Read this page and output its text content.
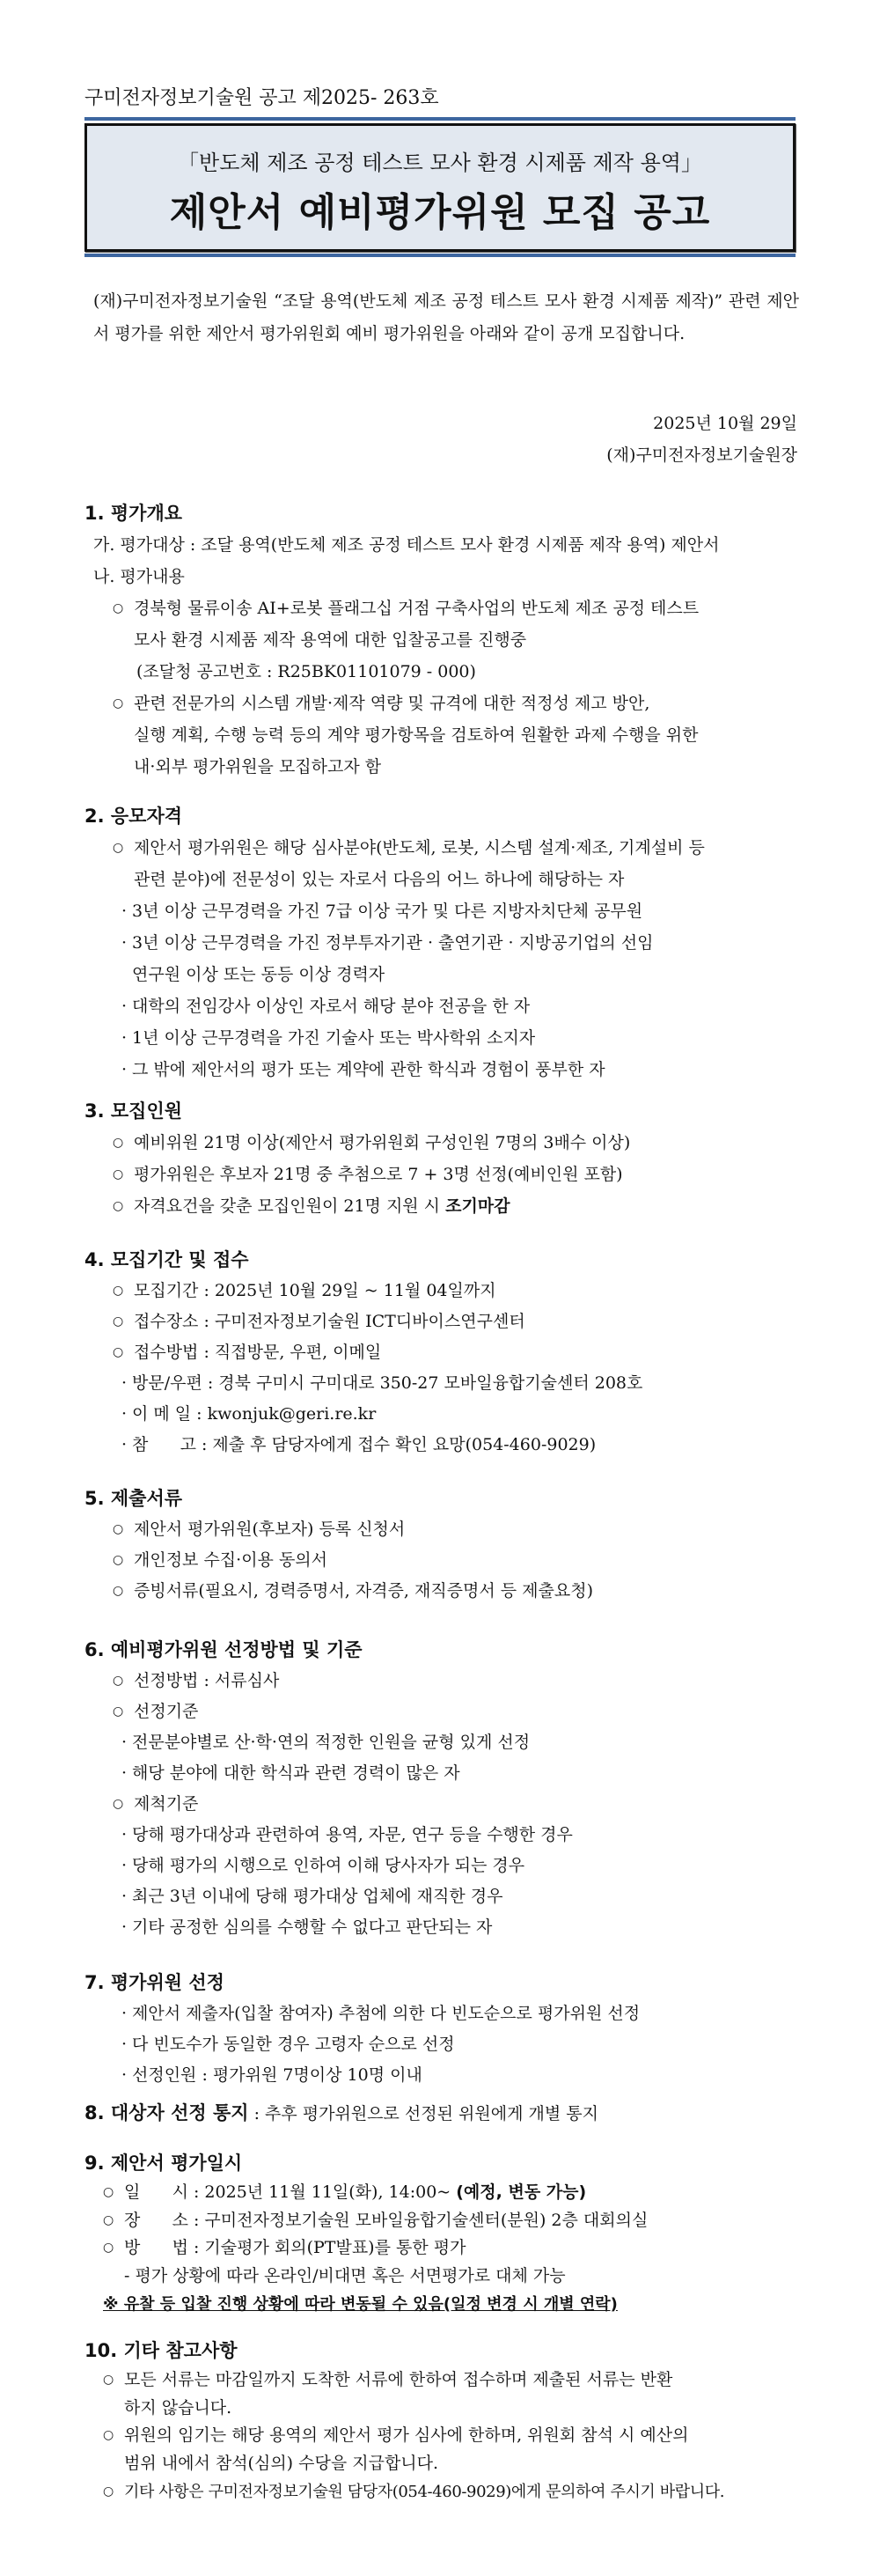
구미전자정보기술원 공고 제2025- 263호
「반도체 제조 공정 테스트 모사 환경 시제품 제작 용역」
제안서 예비평가위원 모집 공고
(재)구미전자정보기술원 “조달 용역(반도체 제조 공정 테스트 모사 환경 시제품 제작)” 관련 제안서 평가를 위한 제안서 평가위원회 예비 평가위원을 아래와 같이 공개 모집합니다.
2025년 10월 29일
(재)구미전자정보기술원장
1. 평가개요
가. 평가대상 : 조달 용역(반도체 제조 공정 테스트 모사 환경 시제품 제작 용역) 제안서
나. 평가내용
○ 경북형 물류이송 AI+로봇 플래그십 거점 구축사업의 반도체 제조 공정 테스트
모사 환경 시제품 제작 용역에 대한 입찰공고를 진행중
(조달청 공고번호 : R25BK01101079 - 000)
○ 관련 전문가의 시스템 개발·제작 역량 및 규격에 대한 적정성 제고 방안,
실행 계획, 수행 능력 등의 계약 평가항목을 검토하여 원활한 과제 수행을 위한
내·외부 평가위원을 모집하고자 함
2. 응모자격
○ 제안서 평가위원은 해당 심사분야(반도체, 로봇, 시스템 설계·제조, 기계설비 등
관련 분야)에 전문성이 있는 자로서 다음의 어느 하나에 해당하는 자
· 3년 이상 근무경력을 가진 7급 이상 국가 및 다른 지방자치단체 공무원
· 3년 이상 근무경력을 가진 정부투자기관 · 출연기관 · 지방공기업의 선임
연구원 이상 또는 동등 이상 경력자
· 대학의 전임강사 이상인 자로서 해당 분야 전공을 한 자
· 1년 이상 근무경력을 가진 기술사 또는 박사학위 소지자
· 그 밖에 제안서의 평가 또는 계약에 관한 학식과 경험이 풍부한 자
3. 모집인원
○ 예비위원 21명 이상(제안서 평가위원회 구성인원 7명의 3배수 이상)
○ 평가위원은 후보자 21명 중 추첨으로 7 + 3명 선정(예비인원 포함)
○ 자격요건을 갖춘 모집인원이 21명 지원 시 조기마감
4. 모집기간 및 접수
○ 모집기간 : 2025년 10월 29일 ~ 11월 04일까지
○ 접수장소 : 구미전자정보기술원 ICT디바이스연구센터
○ 접수방법 : 직접방문, 우편, 이메일
· 방문/우편 : 경북 구미시 구미대로 350-27 모바일융합기술센터 208호
· 이 메 일 : kwonjuk@geri.re.kr
· 참      고 : 제출 후 담당자에게 접수 확인 요망(054-460-9029)
5. 제출서류
○ 제안서 평가위원(후보자) 등록 신청서
○ 개인정보 수집·이용 동의서
○ 증빙서류(필요시, 경력증명서, 자격증, 재직증명서 등 제출요청)
6. 예비평가위원 선정방법 및 기준
○ 선정방법 : 서류심사
○ 선정기준
· 전문분야별로 산·학·연의 적정한 인원을 균형 있게 선정
· 해당 분야에 대한 학식과 관련 경력이 많은 자
○ 제척기준
· 당해 평가대상과 관련하여 용역, 자문, 연구 등을 수행한 경우
· 당해 평가의 시행으로 인하여 이해 당사자가 되는 경우
· 최근 3년 이내에 당해 평가대상 업체에 재직한 경우
· 기타 공정한 심의를 수행할 수 없다고 판단되는 자
7. 평가위원 선정
· 제안서 제출자(입찰 참여자) 추첨에 의한 다 빈도순으로 평가위원 선정
· 다 빈도수가 동일한 경우 고령자 순으로 선정
· 선정인원 : 평가위원 7명이상 10명 이내
8. 대상자 선정 통지 : 추후 평가위원으로 선정된 위원에게 개별 통지
9. 제안서 평가일시
○ 일      시 : 2025년 11월 11일(화), 14:00~ (예정, 변동 가능)
○ 장      소 : 구미전자정보기술원 모바일융합기술센터(분원) 2층 대회의실
○ 방      법 : 기술평가 회의(PT발표)를 통한 평가
- 평가 상황에 따라 온라인/비대면 혹은 서면평가로 대체 가능
※ 유찰 등 입찰 진행 상황에 따라 변동될 수 있음(일정 변경 시 개별 연락)
10. 기타 참고사항
○ 모든 서류는 마감일까지 도착한 서류에 한하여 접수하며 제출된 서류는 반환
하지 않습니다.
○ 위원의 임기는 해당 용역의 제안서 평가 심사에 한하며, 위원회 참석 시 예산의
범위 내에서 참석(심의) 수당을 지급합니다.
○ 기타 사항은 구미전자정보기술원 담당자(054-460-9029)에게 문의하여 주시기 바랍니다.
